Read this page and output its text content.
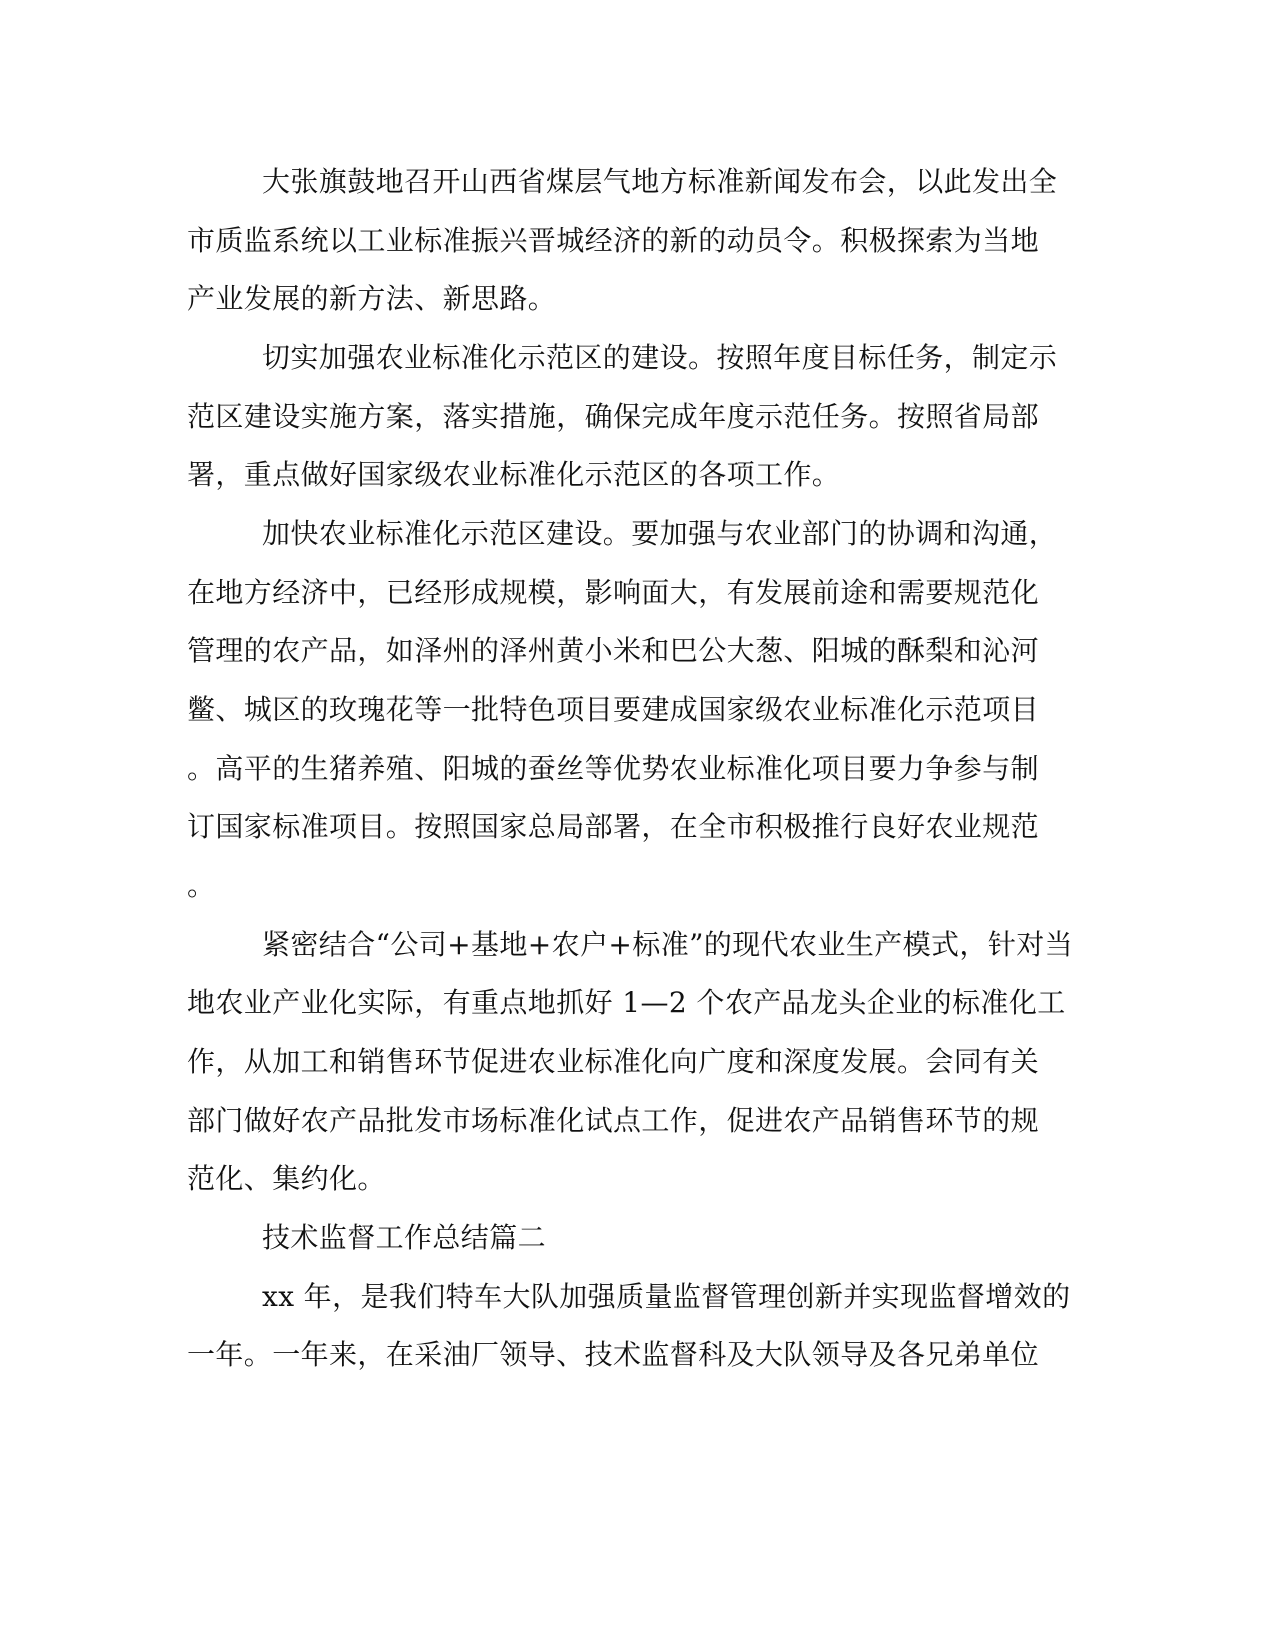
大张旗鼓地召开山西省煤层气地方标准新闻发布会，以此发出全
市质监系统以工业标准振兴晋城经济的新的动员令。积极探索为当地
产业发展的新方法、新思路。
切实加强农业标准化示范区的建设。按照年度目标任务，制定示
范区建设实施方案，落实措施，确保完成年度示范任务。按照省局部
署，重点做好国家级农业标准化示范区的各项工作。
加快农业标准化示范区建设。要加强与农业部门的协调和沟通，
在地方经济中，已经形成规模，影响面大，有发展前途和需要规范化
管理的农产品，如泽州的泽州黄小米和巴公大葱、阳城的酥梨和沁河
鳖、城区的玫瑰花等一批特色项目要建成国家级农业标准化示范项目
。高平的生猪养殖、阳城的蚕丝等优势农业标准化项目要力争参与制
订国家标准项目。按照国家总局部署，在全市积极推行良好农业规范
。
紧密结合“公司+基地+农户+标准”的现代农业生产模式，针对当
地农业产业化实际，有重点地抓好 1—2 个农产品龙头企业的标准化工
作，从加工和销售环节促进农业标准化向广度和深度发展。会同有关
部门做好农产品批发市场标准化试点工作，促进农产品销售环节的规
范化、集约化。
技术监督工作总结篇二
xx 年，是我们特车大队加强质量监督管理创新并实现监督增效的
一年。一年来，在采油厂领导、技术监督科及大队领导及各兄弟单位
